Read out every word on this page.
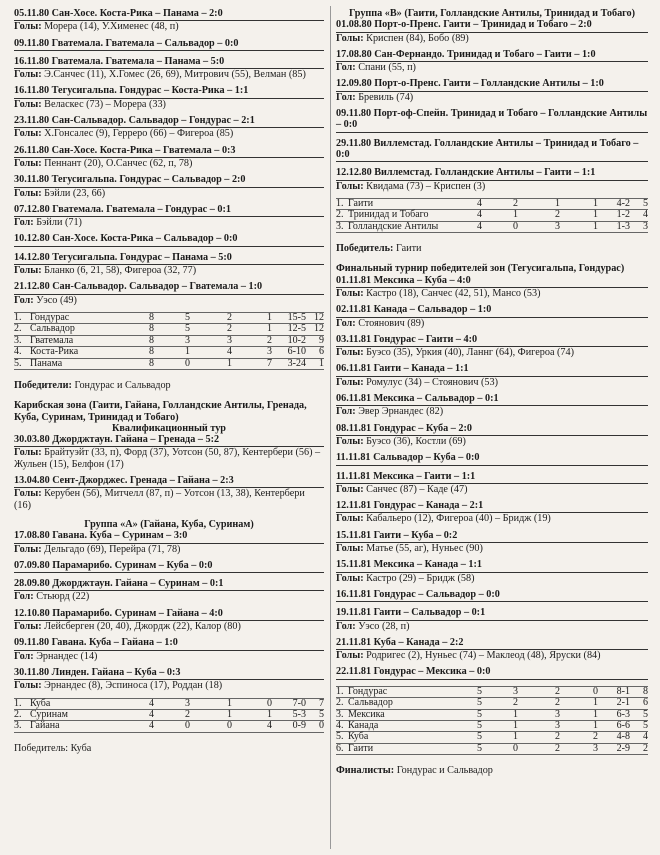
05.11.80 Сан-Хосе. Коста-Рика – Панама – 2:0
Голы: Морера (14), У.Хименес (48, п)
09.11.80 Гватемала. Гватемала – Сальвадор – 0:0
16.11.80 Гватемала. Гватемала – Панама – 5:0
Голы: Э.Санчес (11), Х.Гомес (26, 69), Митрович (55), Велман (85)
16.11.80 Тегусигальпа. Гондурас – Коста-Рика – 1:1
Голы: Веласкес (73) – Морера (33)
23.11.80 Сан-Сальвадор. Сальвадор – Гондурас – 2:1
Голы: Х.Гонсалес (9), Герреро (66) – Фигероа (85)
26.11.80 Сан-Хосе. Коста-Рика – Гватемала – 0:3
Голы: Пеннант (20), О.Санчес (62, п, 78)
30.11.80 Тегусигальпа. Гондурас – Сальвадор – 2:0
Голы: Бэйли (23, 66)
07.12.80 Гватемала. Гватемала – Гондурас – 0:1
Гол: Бэйли (71)
10.12.80 Сан-Хосе. Коста-Рика – Сальвадор – 0:0
14.12.80 Тегусигальпа. Гондурас – Панама – 5:0
Голы: Бланко (6, 21, 58), Фигероа (32, 77)
21.12.80 Сан-Сальвадор. Сальвадор – Гватемала – 1:0
Гол: Уэсо (49)
1.	Гондурас	8	5	2	1	15-5	12
2.	Сальвадор	8	5	2	1	12-5	12
3.	Гватемала	8	3	3	2	10-2	9
4.	Коста-Рика	8	1	4	3	6-10	6
5.	Панама	8	0	1	7	3-24	1
Победители: Гондурас и Сальвадор
Карибская зона (Гаити, Гайана, Голландские Антилы, Гренада, Куба, Суринам, Тринидад и Тобаго)
Квалификационный тур
30.03.80 Джорджтаун. Гайана – Гренада – 5:2
Голы: Брайтуэйт (33, п), Форд (37), Уотсон (50, 87), Кентербери (56) – Жульен (15), Белфон (17)
13.04.80 Сент-Джорджес. Гренада – Гайана – 2:3
Голы: Керубен (56), Митчелл (87, п) – Уотсон (13, 38), Кентербери (16)
Группа «А» (Гайана, Куба, Суринам)
17.08.80 Гавана. Куба – Суринам – 3:0
Голы: Дельгадо (69), Перейра (71, 78)
07.09.80 Парамарибо. Суринам – Куба – 0:0
28.09.80 Джорджтаун. Гайана – Суринам – 0:1
Гол: Стьюрд (22)
12.10.80 Парамарибо. Суринам – Гайана – 4:0
Голы: Лейсберген (20, 40), Джордж (22), Калор (80)
09.11.80 Гавана. Куба – Гайана – 1:0
Гол: Эрнандес (14)
30.11.80 Линден. Гайана – Куба – 0:3
Голы: Эрнандес (8), Эспиноса (17), Роддан (18)
1.	Куба	4	3	1	0	7-0	7
2.	Суринам	4	2	1	1	5-3	5
3.	Гайана	4	0	0	4	0-9	0
Победитель: Куба
Группа «В» (Гаити, Голландские Антилы, Тринидад и Тобаго)
01.08.80 Порт-о-Пренс. Гаити – Тринидад и Тобаго – 2:0
Голы: Криспен (84), Бобо (89)
17.08.80 Сан-Фернандо. Тринидад и Тобаго – Гаити – 1:0
Гол: Спани (55, п)
12.09.80 Порт-о-Пренс. Гаити – Голландские Антилы – 1:0
Гол: Бревиль (74)
09.11.80 Порт-оф-Спейн. Тринидад и Тобаго – Голландские Антилы – 0:0
29.11.80 Виллемстад. Голландские Антилы – Тринидад и Тобаго – 0:0
12.12.80 Виллемстад. Голландские Антилы – Гаити – 1:1
Голы: Квидама (73) – Криспен (3)
1.	Гаити	4	2	1	1	4-2	5
2.	Тринидад и Тобаго	4	1	2	1	1-2	4
3.	Голландские Антилы	4	0	3	1	1-3	3
Победитель: Гаити
Финальный турнир победителей зон (Тегусигальпа, Гондурас)
01.11.81 Мексика – Куба – 4:0
Голы: Кастро (18), Санчес (42, 51), Мансо (53)
02.11.81 Канада – Сальвадор – 1:0
Гол: Стоянович (89)
03.11.81 Гондурас – Гаити – 4:0
Голы: Буэсо (35), Уркия (40), Ланнг (64), Фигероа (74)
06.11.81 Гаити – Канада – 1:1
Голы: Ромулус (34) – Стоянович (53)
06.11.81 Мексика – Сальвадор – 0:1
Гол: Эвер Эрнандес (82)
08.11.81 Гондурас – Куба – 2:0
Голы: Буэсо (36), Костли (69)
11.11.81 Сальвадор – Куба – 0:0
11.11.81 Мексика – Гаити – 1:1
Голы: Санчес (87) – Каде (47)
12.11.81 Гондурас – Канада – 2:1
Голы: Кабальеро (12), Фигероа (40) – Бридж (19)
15.11.81 Гаити – Куба – 0:2
Голы: Матье (55, аг), Нуньес (90)
15.11.81 Мексика – Канада – 1:1
Голы: Кастро (29) – Бридж (58)
16.11.81 Гондурас – Сальвадор – 0:0
19.11.81 Гаити – Сальвадор – 0:1
Гол: Уэсо (28, п)
21.11.81 Куба – Канада – 2:2
Голы: Родригес (2), Нуньес (74) – Маклеод (48), Яруски (84)
22.11.81 Гондурас – Мексика – 0:0
1.	Гондурас	5	3	2	0	8-1	8
2.	Сальвадор	5	2	2	1	2-1	6
3.	Мексика	5	1	3	1	6-3	5
4.	Канада	5	1	3	1	6-6	5
5.	Куба	5	1	2	2	4-8	4
6.	Гаити	5	0	2	3	2-9	2
Финалисты: Гондурас и Сальвадор
